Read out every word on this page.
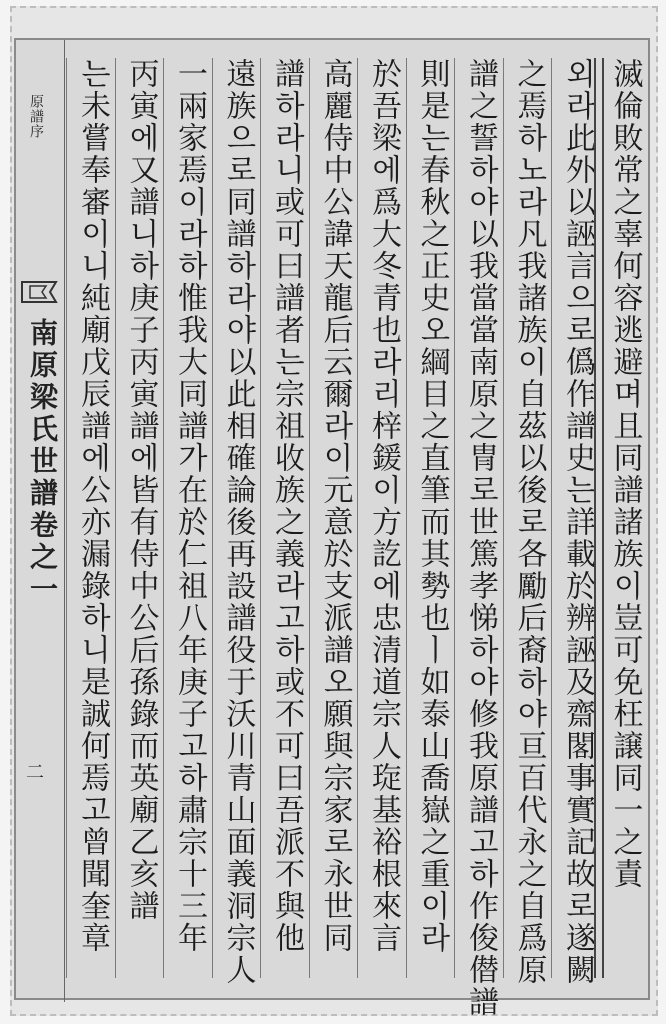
原譜序
南原梁氏世譜卷之一
二	滅倫敗常之辜何容逃避며且同譜諸族이豈可免枉譲同一之責
외라此外以誣言으로僞作譜史는詳載於辨誣及齋閣事實記故로遂闕
之焉하노라凡我諸族이自茲以後로各勵后裔하야亘百代永之自爲原
譜之誓하야以我當當南原之冑로世篤孝悌하야修我原譜고하作俊僣譜
則是는春秋之正史오綱目之直筆而其勢也ㅣ如泰山喬嶽之重이라
於吾梁에爲大冬青也라리梓鍰이方訖에忠清道宗人琁基裕根來言
高麗侍中公諱天龍后云爾라이元意於支派譜오願與宗家로永世同
譜하라니或可曰譜者는宗祖收族之義라고하或不可曰吾派不與他
遠族으로同譜하라야以此相確論後再設譜役于沃川青山面義洞宗人
一兩家焉이라하惟我大同譜가在於仁祖八年庚子고하肅宗十三年
丙寅에又譜니하庚子丙寅譜에皆有侍中公后孫錄而英廟乙亥譜
는未嘗奉審이니純廟戊辰譜에公亦漏錄하니是誠何焉고曾聞奎章
